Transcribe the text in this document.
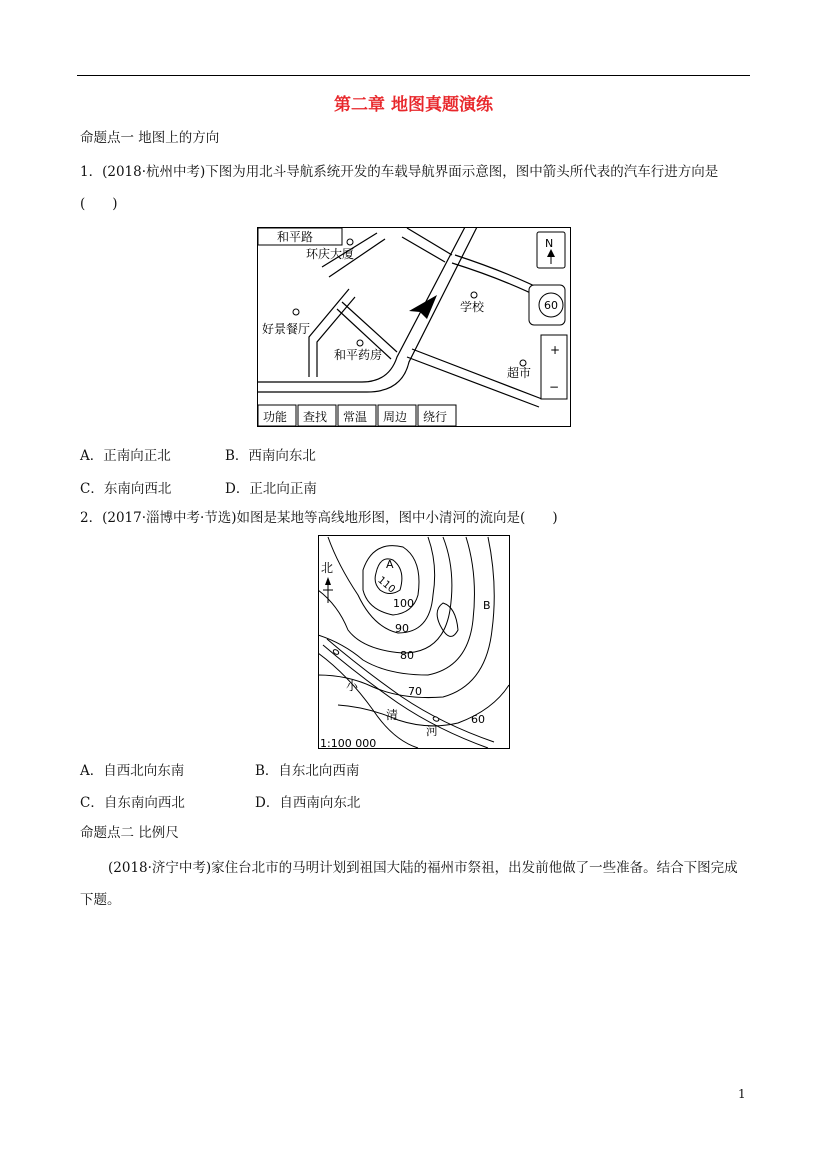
第二章 地图真题演练
命题点一 地图上的方向
1．(2018·杭州中考)下图为用北斗导航系统开发的车载导航界面示意图，图中箭头所代表的汽车行进方向是(　　)
和平路
环庆大厦
好景餐厅
和平药房
学校
超市
N
60
+
−
功能 查找 常温 周边 绕行
A．正南向正北	B．西南向东北
C．东南向西北	D．正北向正南
2．(2017·淄博中考·节选)如图是某地等高线地形图，图中小清河的流向是(　　)
北	A
B
110
100
90
80
70
60
小
清
河
1:100 000
A．自西北向东南	B．自东北向西南
C．自东南向西北	D．自西南向东北
命题点二 比例尺
(2018·济宁中考)家住台北市的马明计划到祖国大陆的福州市祭祖，出发前他做了一些准备。结合下图完成下题。
1
